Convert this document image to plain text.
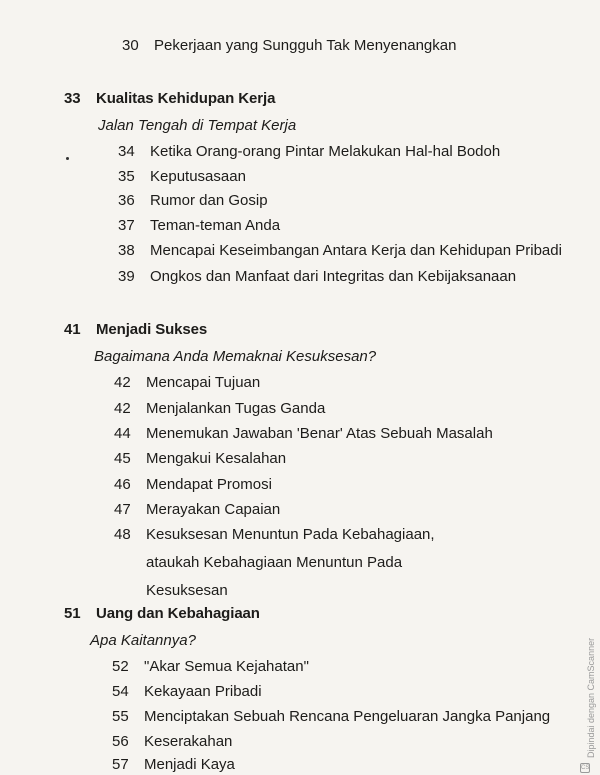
30	Pekerjaan yang Sungguh Tak Menyenangkan
33 Kualitas Kehidupan Kerja
Jalan Tengah di Tempat Kerja
34	Ketika Orang-orang Pintar Melakukan Hal-hal Bodoh
35	Keputusasaan
36	Rumor dan Gosip
37	Teman-teman Anda
38	Mencapai Keseimbangan Antara Kerja dan Kehidupan Pribadi
39	Ongkos dan Manfaat dari Integritas dan Kebijaksanaan
41 Menjadi Sukses
Bagaimana Anda Memaknai Kesuksesan?
42	Mencapai Tujuan
42	Menjalankan Tugas Ganda
44	Menemukan Jawaban 'Benar' Atas Sebuah Masalah
45	Mengakui Kesalahan
46	Mendapat Promosi
47	Merayakan Capaian
48	Kesuksesan Menuntun Pada Kebahagiaan, ataukah Kebahagiaan Menuntun Pada Kesuksesan
51 Uang dan Kebahagiaan
Apa Kaitannya?
52	"Akar Semua Kejahatan"
54	Kekayaan Pribadi
55	Menciptakan Sebuah Rencana Pengeluaran Jangka Panjang
56	Keserakahan
57	Menjadi Kaya
Dipindai dengan CamScanner
CS
